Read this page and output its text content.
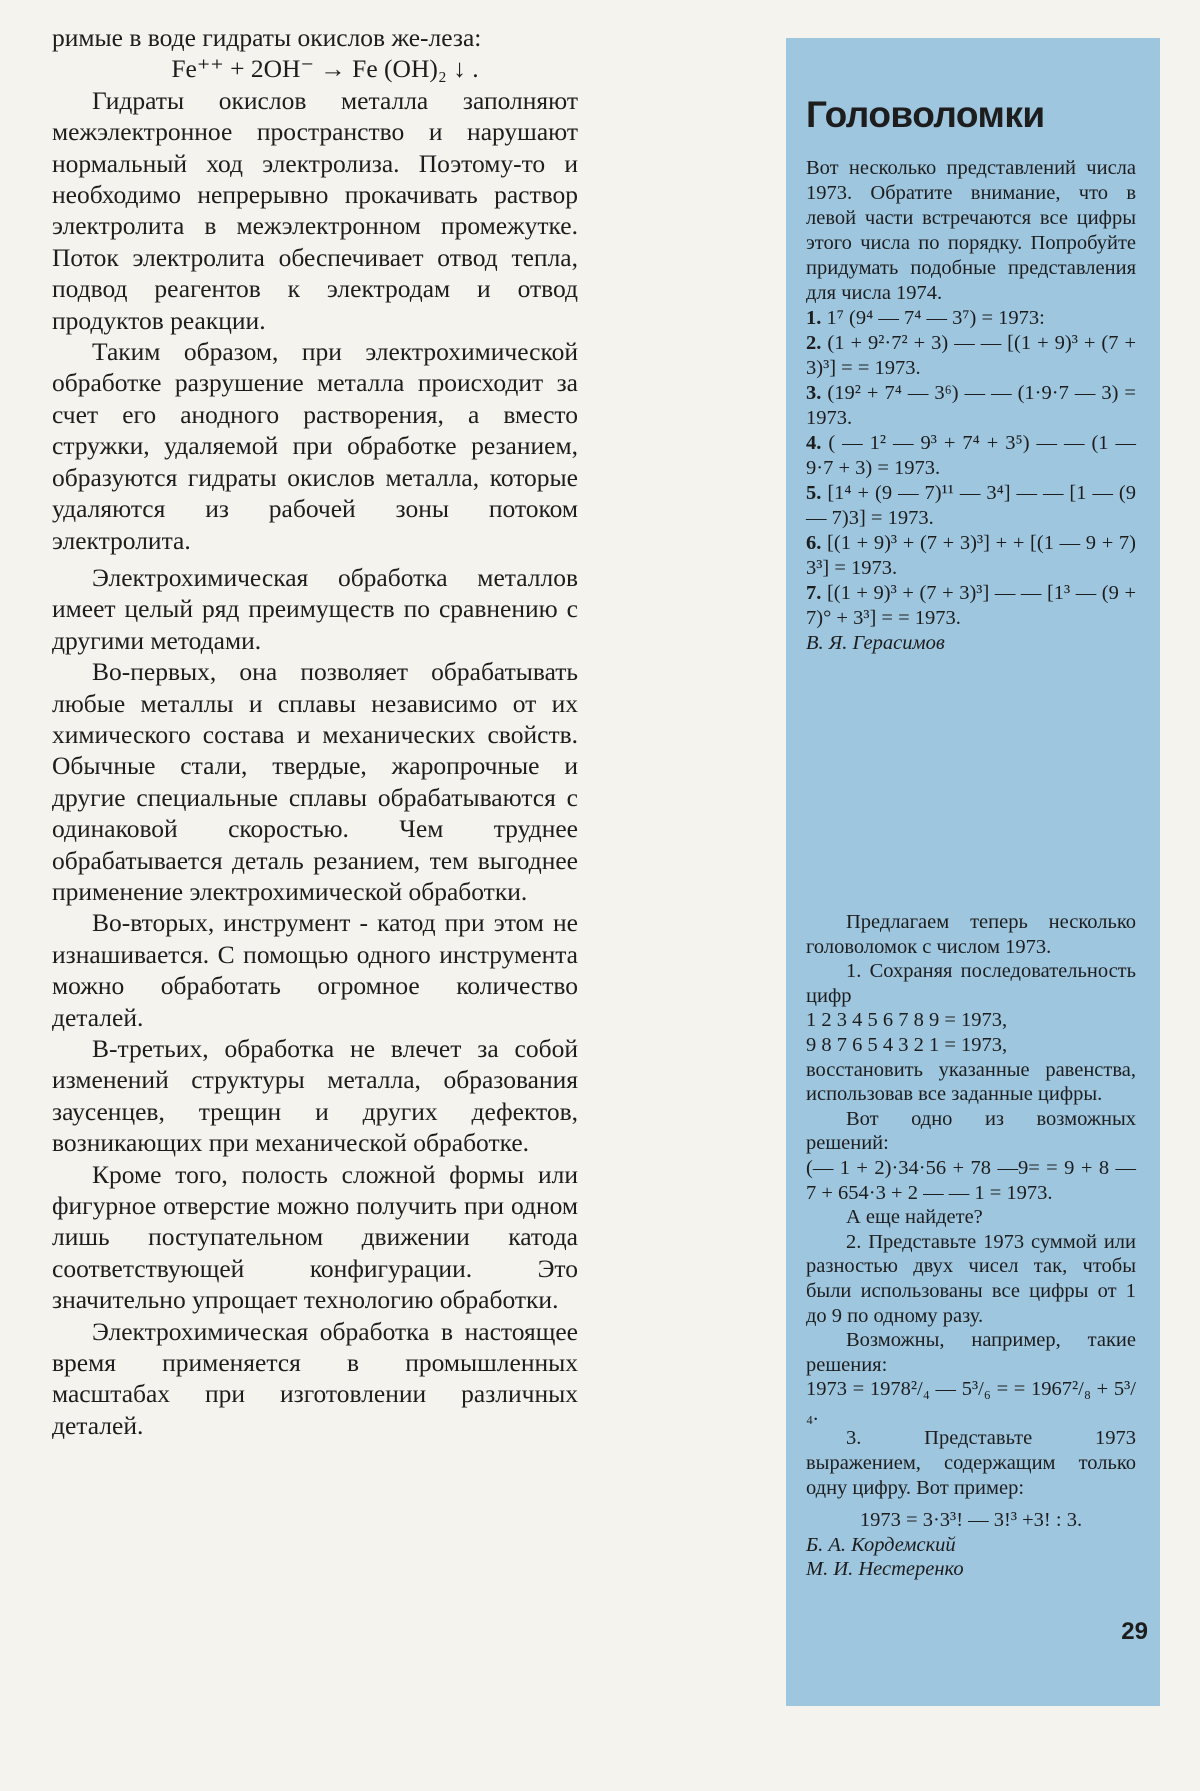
римые в воде гидраты окислов же-леза:

Fe⁺⁺ + 2OH⁻ → Fe (OH)₂ ↓ .

Гидраты окислов металла заполняют межэлектронное пространство и нарушают нормальный ход электролиза. Поэтому-то и необходимо непрерывно прокачивать раствор электролита в межэлектронном промежутке. Поток электролита обеспечивает отвод тепла, подвод реагентов к электродам и отвод продуктов реакции.

Таким образом, при электрохимической обработке разрушение металла происходит за счет его анодного растворения, а вместо стружки, удаляемой при обработке резанием, образуются гидраты окислов металла, которые удаляются из рабочей зоны потоком электролита.

Электрохимическая обработка металлов имеет целый ряд преимуществ по сравнению с другими методами.

Во-первых, она позволяет обрабатывать любые металлы и сплавы независимо от их химического состава и механических свойств. Обычные стали, твердые, жаропрочные и другие специальные сплавы обрабатываются с одинаковой скоростью. Чем труднее обрабатывается деталь резанием, тем выгоднее применение электрохимической обработки.

Во-вторых, инструмент - катод при этом не изнашивается. С помощью одного инструмента можно обработать огромное количество деталей.

В-третьих, обработка не влечет за собой изменений структуры металла, образования заусенцев, трещин и других дефектов, возникающих при механической обработке.

Кроме того, полость сложной формы или фигурное отверстие можно получить при одном лишь поступательном движении катода соответствующей конфигурации. Это значительно упрощает технологию обработки.

Электрохимическая обработка в настоящее время применяется в промышленных масштабах при изготовлении различных деталей.

Головоломки

Вот несколько представлений числа 1973. Обратите внимание, что в левой части встречаются все цифры этого числа по порядку. Попробуйте придумать подобные представления для числа 1974.

1. 1⁷ (9⁴ — 7⁴ — 3⁷) = 1973:

2. (1 + 9²·7² + 3) — — [(1 + 9)³ + (7 + 3)³] = = 1973.

3. (19² + 7⁴ — 3⁶) — — (1·9·7 — 3) = 1973.

4. ( — 1² — 9³ + 7⁴ + 3⁵) — — (1 — 9·7 + 3) = 1973.

5. [1⁴ + (9 — 7)¹¹ — 3⁴] — — [1 — (9 — 7)3] = 1973.

6. [(1 + 9)³ + (7 + 3)³] + + [(1 — 9 + 7) 3³] = 1973.

7. [(1 + 9)³ + (7 + 3)³] — — [1³ — (9 + 7)° + 3³] = = 1973.

В. Я. Герасимов

Предлагаем теперь несколько головоломок с числом 1973.

1. Сохраняя последовательность цифр

1 2 3 4 5 6 7 8 9 = 1973,

9 8 7 6 5 4 3 2 1 = 1973,

восстановить указанные равенства, использовав все заданные цифры.

Вот одно из возможных решений:

(— 1 + 2)·34·56 + 78 —9= = 9 + 8 — 7 + 654·3 + 2 — — 1 = 1973.

А еще найдете?

2. Представьте 1973 суммой или разностью двух чисел так, чтобы были использованы все цифры от 1 до 9 по одному разу.

Возможны, например, такие решения:

1973 = 1978²/₄ — 5³/₆ = = 1967²/₈ + 5³/₄.

3. Представьте 1973 выражением, содержащим только одну цифру. Вот пример:

1973 = 3·3³! — 3!³ +3! : 3.

Б. А. Кордемский

М. И. Нестеренко

29
